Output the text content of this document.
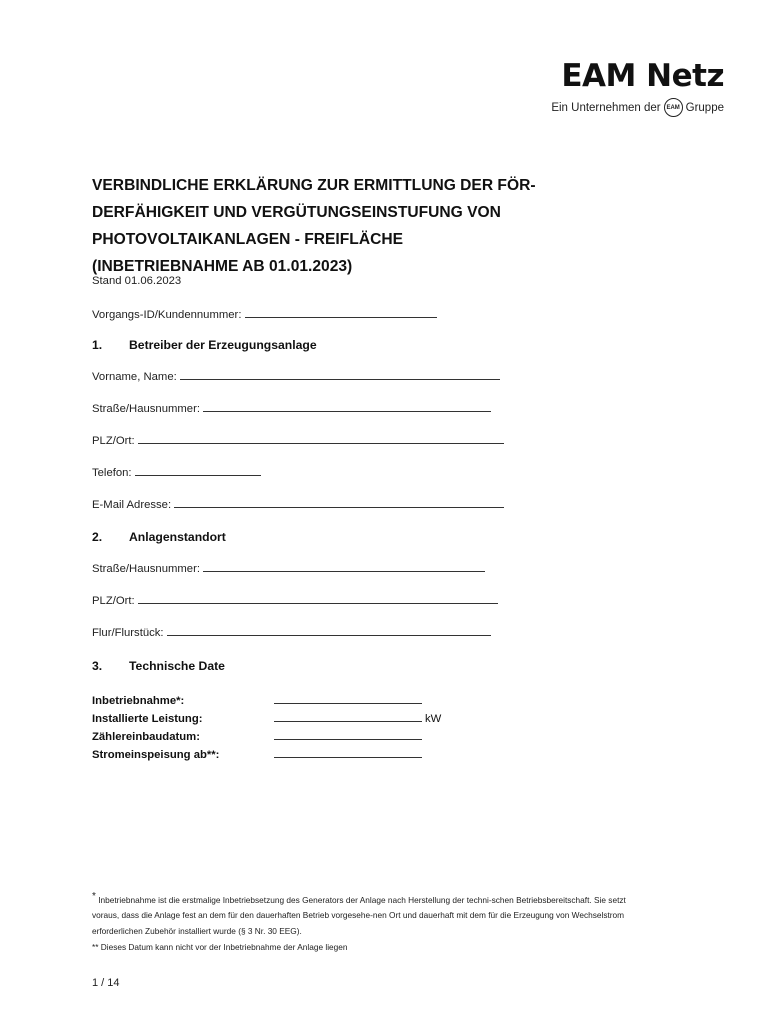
EAM Netz
Ein Unternehmen der EAM Gruppe
VERBINDLICHE ERKLÄRUNG ZUR ERMITTLUNG DER FÖR-
DERFÄHIGKEIT UND VERGÜTUNGSEINSTUFUNG VON
PHOTOVOLTAIKANLAGEN - FREIFLÄCHE
(INBETRIEBNAHME AB 01.01.2023)
Stand 01.06.2023
Vorgangs-ID/Kundennummer:
1. Betreiber der Erzeugungsanlage
Vorname, Name:
Straße/Hausnummer:
PLZ/Ort:
Telefon:
E-Mail Adresse:
2. Anlagenstandort
Straße/Hausnummer:
PLZ/Ort:
Flur/Flurstück:
3. Technische Date
Inbetriebnahme*:
Installierte Leistung:	kW
Zählereinbaudatum:
Stromeinspeisung ab**:

* Inbetriebnahme ist die erstmalige Inbetriebsetzung des Generators der Anlage nach Herstellung der techni-schen Betriebsbereitschaft. Sie setzt voraus, dass die Anlage fest an dem für den dauerhaften Betrieb vorgesehe-nen Ort und dauerhaft mit dem für die Erzeugung von Wechselstrom erforderlichen Zubehör installiert wurde (§ 3 Nr. 30 EEG).

** Dieses Datum kann nicht vor der Inbetriebnahme der Anlage liegen

1 / 14
